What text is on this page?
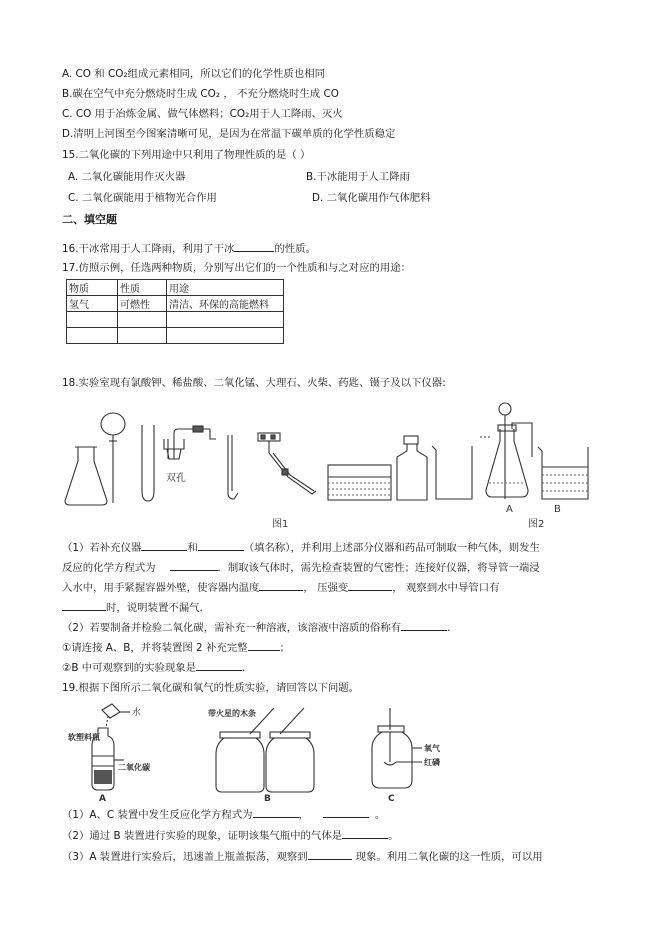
A. CO 和 CO₂组成元素相同，所以它们的化学性质也相同
B.碳在空气中充分燃烧时生成 CO₂ ， 不充分燃烧时生成 CO
C. CO 用于冶炼金属、做气体燃料；CO₂用于人工降雨、灭火
D.清明上河图至今图案清晰可见，是因为在常温下碳单质的化学性质稳定
15.二氧化碳的下列用途中只利用了物理性质的是（ ）
A. 二氧化碳能用作灭火器	B.干冰能用于人工降雨
C. 二氧化碳能用于植物光合作用	D. 二氧化碳用作气体肥料
二、填空题
16.干冰常用于人工降雨，利用了干冰	的性质。
17.仿照示例，任选两种物质，分别写出它们的一个性质和与之对应的用途：
物质	性质	用途
氢气	可燃性	清洁、环保的高能燃料

18.实验室现有氯酸钾、稀盐酸、二氧化锰、大理石、火柴、药匙、镊子及以下仪器:
双孔
A	B
图1	图2
（1）若补充仪器	和	（填名称），并利用上述部分仪器和药品可制取一种气体，则发生
反应的化学方程式为	．制取该气体时，需先检查装置的气密性；连接好仪器，将导管一端浸
入水中，用手紧握容器外壁，使容器内温度	， 压强变	， 观察到水中导管口有
时，说明装置不漏气．
（2）若要制备并检验二氧化碳，需补充一种溶液，该溶液中溶质的俗称有	．
①请连接 A、B，并将装置图 2 补充完整	；
②B 中可观察到的实验现象是	．
19.根据下图所示二氧化碳和氧气的性质实验，请回答以下问题。
水
软塑料瓶
二氧化碳
A
带火星的木条
B
氧气
红磷
C
（1）A、C 装置中发生反应化学方程式为	，	。
（2）通过 B 装置进行实验的现象，证明该集气瓶中的气体是	。
（3）A 装置进行实验后，迅速盖上瓶盖振荡，观察到	现象。利用二氧化碳的这一性质，可以用
